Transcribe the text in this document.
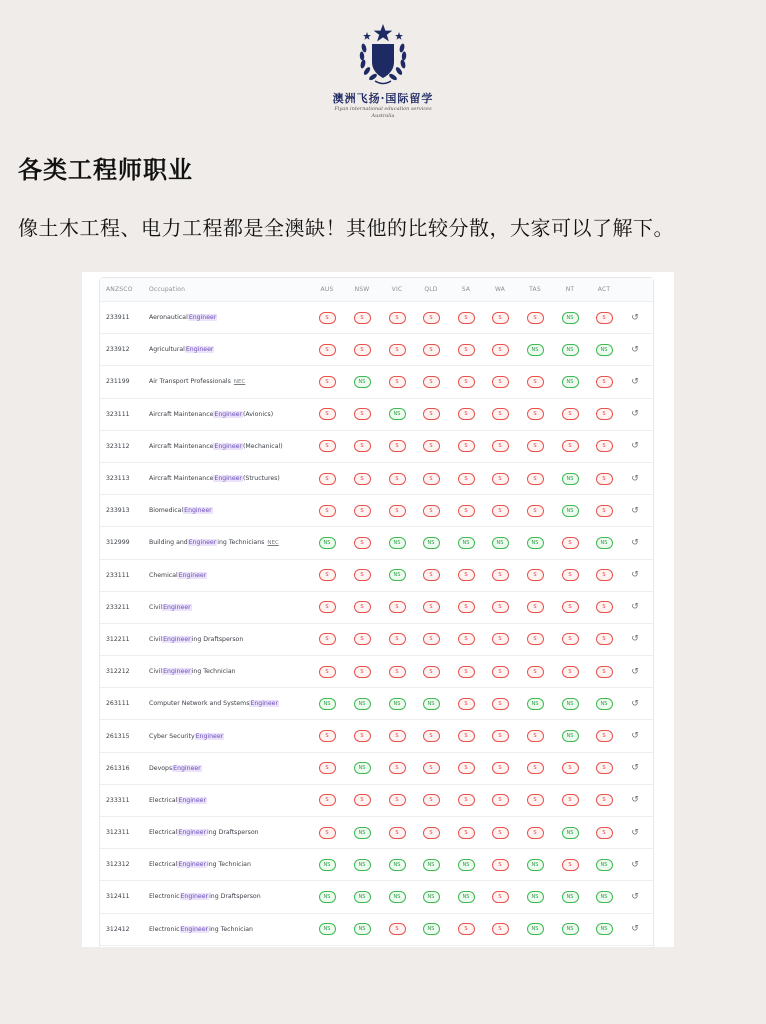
澳洲飞扬·国际留学
Flyan international education services
Australia
各类工程师职业
像土木工程、电力工程都是全澳缺！其他的比较分散，大家可以了解下。
ANZSCO	Occupation	AUS	NSW	VIC	QLD	SA	WA	TAS	NT	ACT
233911	Aeronautical Engineer	S	S	S	S	S	S	S	NS	S	↺
233912	Agricultural Engineer	S	S	S	S	S	S	NS	NS	NS	↺
231199	Air Transport Professionals NEC	S	NS	S	S	S	S	S	NS	S	↺
323111	Aircraft Maintenance Engineer (Avionics)	S	S	NS	S	S	S	S	S	S	↺
323112	Aircraft Maintenance Engineer (Mechanical)	S	S	S	S	S	S	S	S	S	↺
323113	Aircraft Maintenance Engineer (Structures)	S	S	S	S	S	S	S	NS	S	↺
233913	Biomedical Engineer	S	S	S	S	S	S	S	NS	S	↺
312999	Building and Engineer ing Technicians NEC	NS	S	NS	NS	NS	NS	NS	S	NS	↺
233111	Chemical Engineer	S	S	NS	S	S	S	S	S	S	↺
233211	Civil Engineer	S	S	S	S	S	S	S	S	S	↺
312211	Civil Engineer ing Draftsperson	S	S	S	S	S	S	S	S	S	↺
312212	Civil Engineer ing Technician	S	S	S	S	S	S	S	S	S	↺
263111	Computer Network and Systems Engineer	NS	NS	NS	NS	S	S	NS	NS	NS	↺
261315	Cyber Security Engineer	S	S	S	S	S	S	S	NS	S	↺
261316	Devops Engineer	S	NS	S	S	S	S	S	S	S	↺
233311	Electrical Engineer	S	S	S	S	S	S	S	S	S	↺
312311	Electrical Engineer ing Draftsperson	S	NS	S	S	S	S	S	NS	S	↺
312312	Electrical Engineer ing Technician	NS	NS	NS	NS	NS	S	NS	S	NS	↺
312411	Electronic Engineer ing Draftsperson	NS	NS	NS	NS	NS	S	NS	NS	NS	↺
312412	Electronic Engineer ing Technician	NS	NS	S	NS	S	S	NS	NS	NS	↺
